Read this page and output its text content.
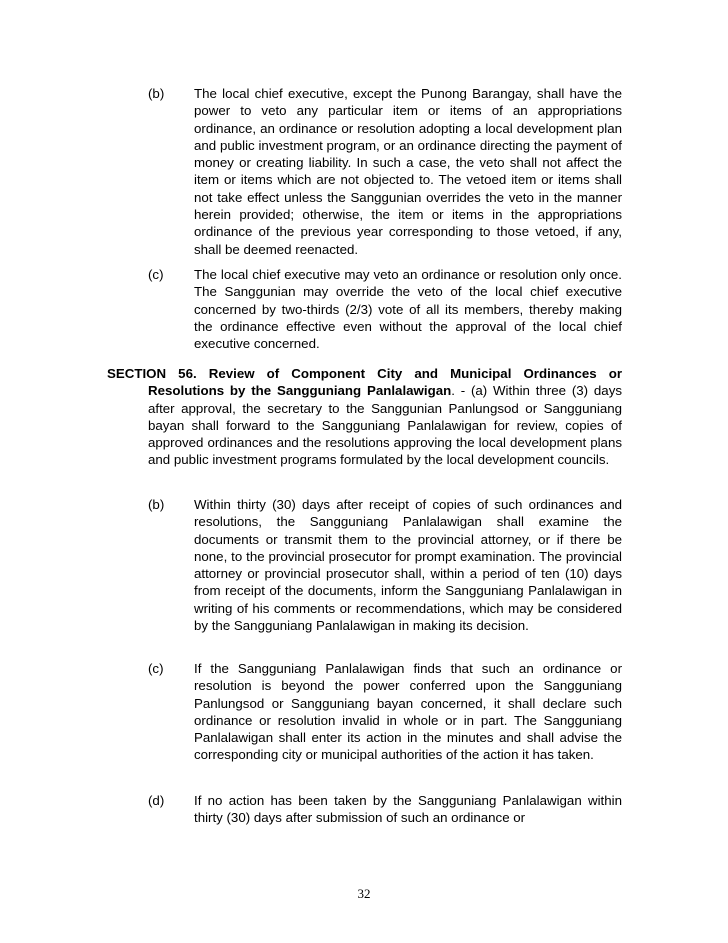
(b) The local chief executive, except the Punong Barangay, shall have the power to veto any particular item or items of an appropriations ordinance, an ordinance or resolution adopting a local development plan and public investment program, or an ordinance directing the payment of money or creating liability. In such a case, the veto shall not affect the item or items which are not objected to. The vetoed item or items shall not take effect unless the Sanggunian overrides the veto in the manner herein provided; otherwise, the item or items in the appropriations ordinance of the previous year corresponding to those vetoed, if any, shall be deemed reenacted.
(c) The local chief executive may veto an ordinance or resolution only once. The Sanggunian may override the veto of the local chief executive concerned by two-thirds (2/3) vote of all its members, thereby making the ordinance effective even without the approval of the local chief executive concerned.
SECTION 56. Review of Component City and Municipal Ordinances or Resolutions by the Sangguniang Panlalawigan. - (a) Within three (3) days after approval, the secretary to the Sanggunian Panlungsod or Sangguniang bayan shall forward to the Sangguniang Panlalawigan for review, copies of approved ordinances and the resolutions approving the local development plans and public investment programs formulated by the local development councils.
(b) Within thirty (30) days after receipt of copies of such ordinances and resolutions, the Sangguniang Panlalawigan shall examine the documents or transmit them to the provincial attorney, or if there be none, to the provincial prosecutor for prompt examination. The provincial attorney or provincial prosecutor shall, within a period of ten (10) days from receipt of the documents, inform the Sangguniang Panlalawigan in writing of his comments or recommendations, which may be considered by the Sangguniang Panlalawigan in making its decision.
(c) If the Sangguniang Panlalawigan finds that such an ordinance or resolution is beyond the power conferred upon the Sangguniang Panlungsod or Sangguniang bayan concerned, it shall declare such ordinance or resolution invalid in whole or in part. The Sangguniang Panlalawigan shall enter its action in the minutes and shall advise the corresponding city or municipal authorities of the action it has taken.
(d) If no action has been taken by the Sangguniang Panlalawigan within thirty (30) days after submission of such an ordinance or
32
